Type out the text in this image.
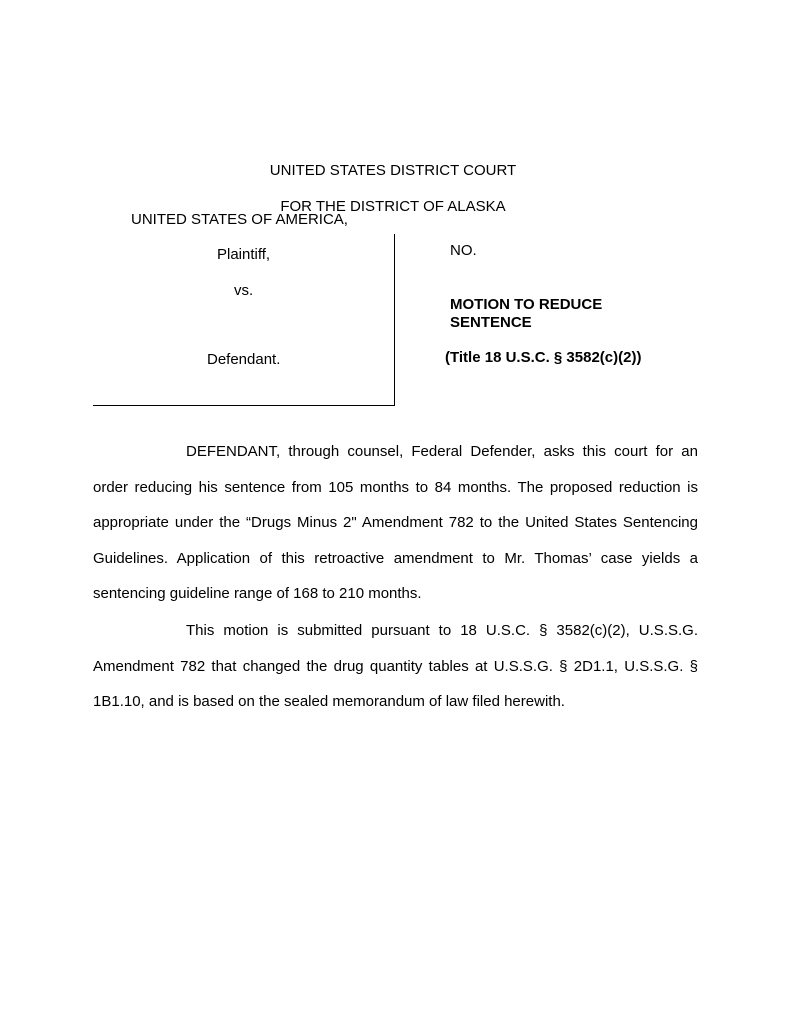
UNITED STATES DISTRICT COURT
FOR THE DISTRICT OF ALASKA
UNITED STATES OF AMERICA,
Plaintiff,
vs.
Defendant.
NO.
MOTION TO REDUCE SENTENCE
(Title 18 U.S.C. § 3582(c)(2))

DEFENDANT, through counsel, Federal Defender, asks this court for an order reducing his sentence from 105 months to 84 months. The proposed reduction is appropriate under the “Drugs Minus 2" Amendment 782 to the United States Sentencing Guidelines. Application of this retroactive amendment to Mr. Thomas’ case yields a sentencing guideline range of 168 to 210 months.

This motion is submitted pursuant to 18 U.S.C. § 3582(c)(2), U.S.S.G. Amendment 782 that changed the drug quantity tables at U.S.S.G. § 2D1.1, U.S.S.G. § 1B1.10, and is based on the sealed memorandum of law filed herewith.
